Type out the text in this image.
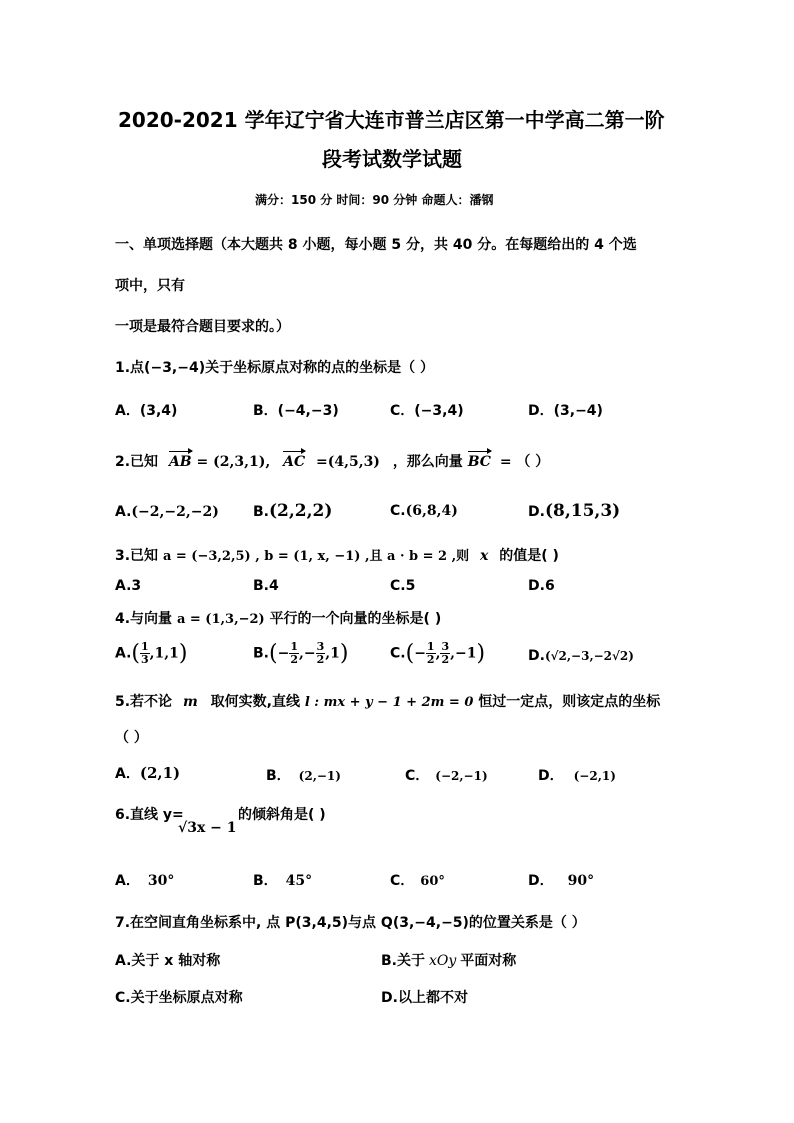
2020-2021 学年辽宁省大连市普兰店区第一中学高二第一阶
段考试数学试题
满分：150 分 时间：90 分钟 命题人：潘钢
一、单项选择题（本大题共 8 小题，每小题 5 分，共 40 分。在每题给出的 4 个选
项中，只有
一项是最符合题目要求的。）
1.点(−3,−4)关于坐标原点对称的点的坐标是（ ）
A．(3,4)	B．(−4,−3)	C．(−3,4)	D．(3,−4)
2.已知 AB = (2,3,1), AC =(4,5,3) ，那么向量 BC = （ ）
A.(−2,−2,−2) B.(2,2,2)	C.(6,8,4)	D.(8,15,3)
3.已知 a = (−3,2,5) , b = (1, x, −1) ,且 a · b = 2 ,则 x 的值是( )
A.3	B.4	C.5	D.6
4.与向量 a = (1,3,−2) 平行的一个向量的坐标是( )
$A.( \frac{1}{3} ,1,1)$	$B.(- \frac{1}{2}$ ,− $\frac{3}{2} ,1$)	$C.(- \frac{1}{2}$ , $\frac{3}{2} ,-1$)	D.(√2,−3,−2√2)
5.若不论 m 取何实数,直线 l : mx + y − 1 + 2m = 0 恒过一定点，则该定点的坐标
（ ）
A．(2,1)	B． (2,−1)	C． (−2,−1)	D． (−2,1)
6.直线 y=
√3x − 1
的倾斜角是( )
A． 30°	B． 45°	C． 60°	D． 90°
7.在空间直角坐标系中, 点 P(3,4,5)与点 Q(3,−4,−5)的位置关系是（ ）
A.关于 x 轴对称	B.关于 xOy 平面对称
C.关于坐标原点对称	D.以上都不对
